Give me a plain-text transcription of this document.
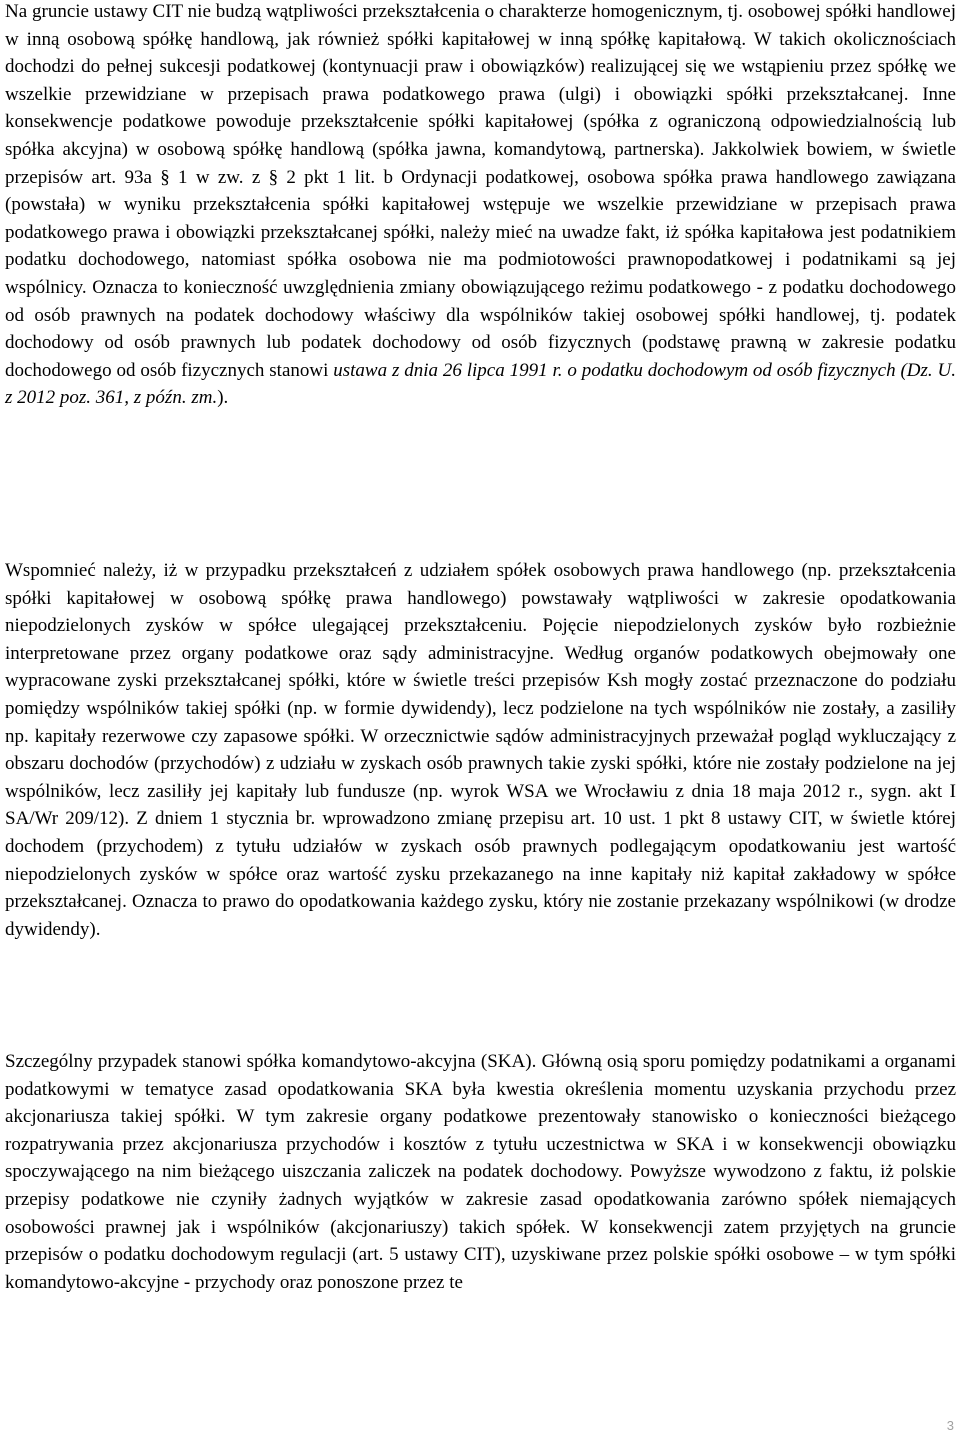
Na gruncie ustawy CIT nie budzą wątpliwości przekształcenia o charakterze homogenicznym, tj. osobowej spółki handlowej w inną osobową spółkę handlową, jak również spółki kapitałowej w inną spółkę kapitałową. W takich okolicznościach dochodzi do pełnej sukcesji podatkowej (kontynuacji praw i obowiązków) realizującej się we wstąpieniu przez spółkę we wszelkie przewidziane w przepisach prawa podatkowego prawa (ulgi) i obowiązki spółki przekształcanej. Inne konsekwencje podatkowe powoduje przekształcenie spółki kapitałowej (spółka z ograniczoną odpowiedzialnością lub spółka akcyjna) w osobową spółkę handlową (spółka jawna, komandytową, partnerska). Jakkolwiek bowiem, w świetle przepisów art. 93a § 1 w zw. z § 2 pkt 1 lit. b Ordynacji podatkowej, osobowa spółka prawa handlowego zawiązana (powstała) w wyniku przekształcenia spółki kapitałowej wstępuje we wszelkie przewidziane w przepisach prawa podatkowego prawa i obowiązki przekształcanej spółki, należy mieć na uwadze fakt, iż spółka kapitałowa jest podatnikiem podatku dochodowego, natomiast spółka osobowa nie ma podmiotowości prawnopodatkowej i podatnikami są jej wspólnicy. Oznacza to konieczność uwzględnienia zmiany obowiązującego reżimu podatkowego - z podatku dochodowego od osób prawnych na podatek dochodowy właściwy dla wspólników takiej osobowej spółki handlowej, tj. podatek dochodowy od osób prawnych lub podatek dochodowy od osób fizycznych (podstawę prawną w zakresie podatku dochodowego od osób fizycznych stanowi ustawa z dnia 26 lipca 1991 r. o podatku dochodowym od osób fizycznych (Dz. U. z 2012 poz. 361, z późn. zm.).

Wspomnieć należy, iż w przypadku przekształceń z udziałem spółek osobowych prawa handlowego (np. przekształcenia spółki kapitałowej w osobową spółkę prawa handlowego) powstawały wątpliwości w zakresie opodatkowania niepodzielonych zysków w spółce ulegającej przekształceniu. Pojęcie niepodzielonych zysków było rozbieżnie interpretowane przez organy podatkowe oraz sądy administracyjne. Według organów podatkowych obejmowały one wypracowane zyski przekształcanej spółki, które w świetle treści przepisów Ksh mogły zostać przeznaczone do podziału pomiędzy wspólników takiej spółki (np. w formie dywidendy), lecz podzielone na tych wspólników nie zostały, a zasiliły np. kapitały rezerwowe czy zapasowe spółki. W orzecznictwie sądów administracyjnych przeważał pogląd wykluczający z obszaru dochodów (przychodów) z udziału w zyskach osób prawnych takie zyski spółki, które nie zostały podzielone na jej wspólników, lecz zasiliły jej kapitały lub fundusze (np. wyrok WSA we Wrocławiu z dnia 18 maja 2012 r., sygn. akt I SA/Wr 209/12). Z dniem 1 stycznia br. wprowadzono zmianę przepisu art. 10 ust. 1 pkt 8 ustawy CIT, w świetle której dochodem (przychodem) z tytułu udziałów w zyskach osób prawnych podlegającym opodatkowaniu jest wartość niepodzielonych zysków w spółce oraz wartość zysku przekazanego na inne kapitały niż kapitał zakładowy w spółce przekształcanej. Oznacza to prawo do opodatkowania każdego zysku, który nie zostanie przekazany wspólnikowi (w drodze dywidendy).

Szczególny przypadek stanowi spółka komandytowo-akcyjna (SKA). Główną osią sporu pomiędzy podatnikami a organami podatkowymi w tematyce zasad opodatkowania SKA była kwestia określenia momentu uzyskania przychodu przez akcjonariusza takiej spółki. W tym zakresie organy podatkowe prezentowały stanowisko o konieczności bieżącego rozpatrywania przez akcjonariusza przychodów i kosztów z tytułu uczestnictwa w SKA i w konsekwencji obowiązku spoczywającego na nim bieżącego uiszczania zaliczek na podatek dochodowy. Powyższe wywodzono z faktu, iż polskie przepisy podatkowe nie czyniły żadnych wyjątków w zakresie zasad opodatkowania zarówno spółek niemających osobowości prawnej jak i wspólników (akcjonariuszy) takich spółek. W konsekwencji zatem przyjętych na gruncie przepisów o podatku dochodowym regulacji (art. 5 ustawy CIT), uzyskiwane przez polskie spółki osobowe – w tym spółki komandytowo-akcyjne - przychody oraz ponoszone przez te

3
